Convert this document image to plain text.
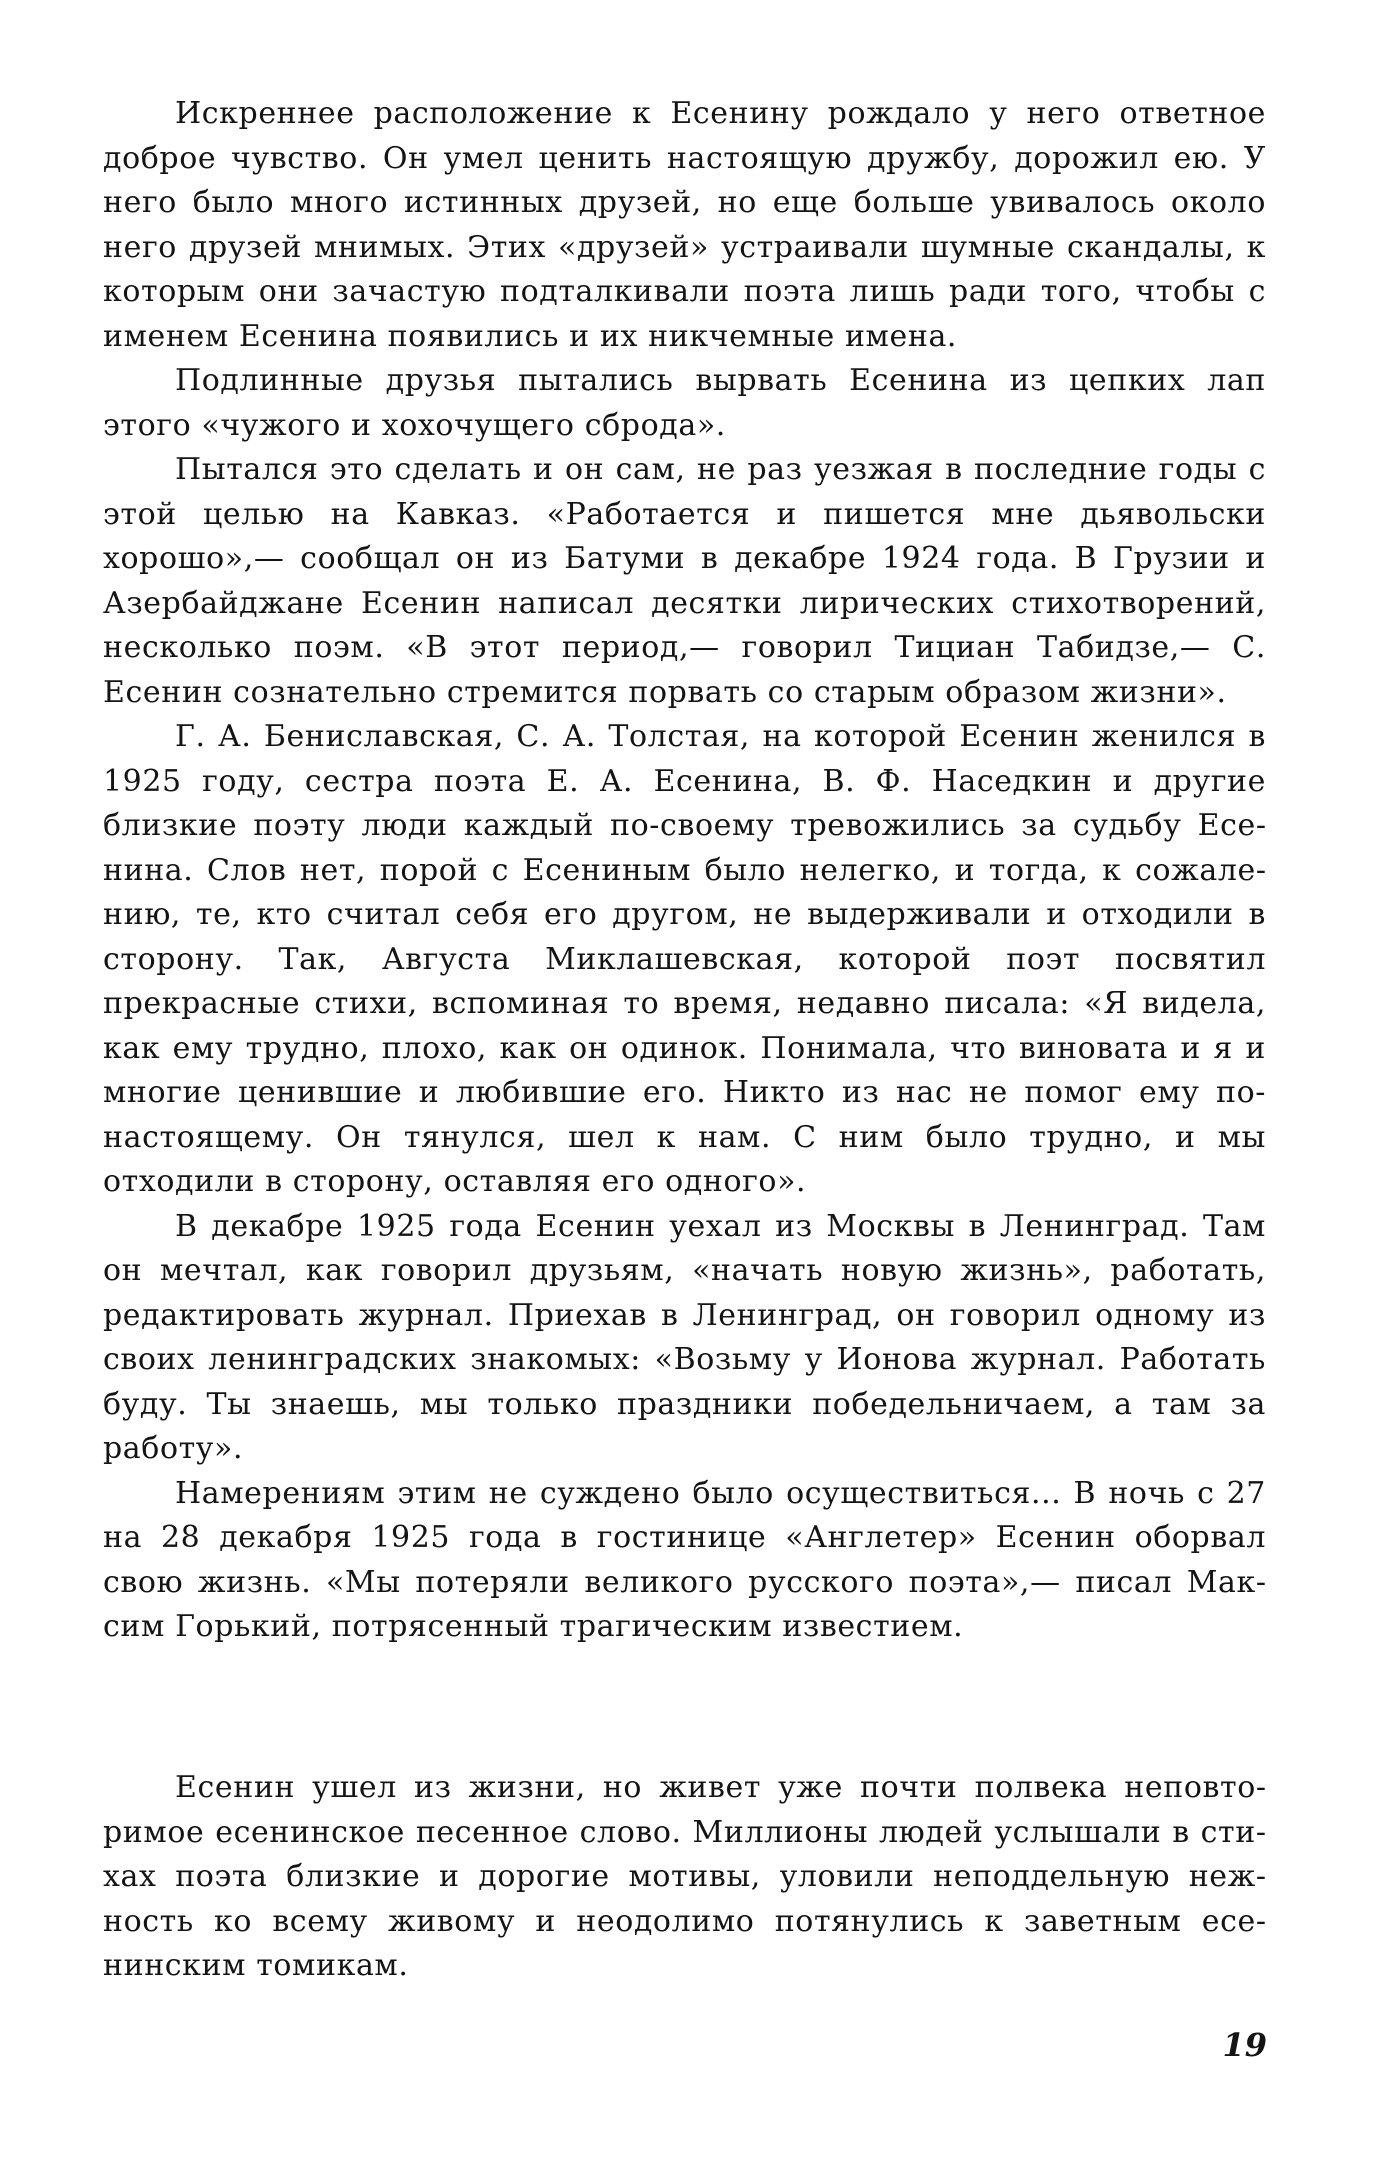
Искреннее расположение к Есенину рождало у него ответное доброе чувство. Он умел ценить настоящую дружбу, дорожил ею. У него было много истинных друзей, но еще больше увивалось около него друзей мнимых. Этих «друзей» устраивали шумные скандалы, к которым они зачастую подталкивали поэта лишь ради того, чтобы с именем Есенина появились и их никчемные имена.

Подлинные друзья пытались вырвать Есенина из цепких лап этого «чужого и хохочущего сброда».

Пытался это сделать и он сам, не раз уезжая в последние годы с этой целью на Кавказ. «Работается и пишется мне дьявольски хорошо»,— сообщал он из Батуми в декабре 1924 года. В Грузии и Азербайджане Есенин написал десятки лирических стихотворений, несколько поэм. «В этот период,— говорил Тициан Табидзе,— С. Есенин сознательно стремится порвать со старым образом жизни».

Г. А. Бениславская, С. А. Толстая, на которой Есенин женился в 1925 году, сестра поэта Е. А. Есенина, В. Ф. Наседкин и другие близкие поэту люди каждый по-своему тревожились за судьбу Есенина. Слов нет, порой с Есениным было нелегко, и тогда, к сожалению, те, кто считал себя его другом, не выдерживали и отходили в сторону. Так, Августа Миклашевская, которой поэт посвятил прекрасные стихи, вспоминая то время, недавно писала: «Я видела, как ему трудно, плохо, как он одинок. Понимала, что виновата и я и многие ценившие и любившие его. Никто из нас не помог ему по-настоящему. Он тянулся, шел к нам. С ним было трудно, и мы отходили в сторону, оставляя его одного».

В декабре 1925 года Есенин уехал из Москвы в Ленинград. Там он мечтал, как говорил друзьям, «начать новую жизнь», работать, редактировать журнал. Приехав в Ленинград, он говорил одному из своих ленинградских знакомых: «Возьму у Ионова журнал. Работать буду. Ты знаешь, мы только праздники победельничаем, а там за работу».

Намерениям этим не суждено было осуществиться... В ночь с 27 на 28 декабря 1925 года в гостинице «Англетер» Есенин оборвал свою жизнь. «Мы потеряли великого русского поэта»,— писал Максим Горький, потрясенный трагическим известием.

Есенин ушел из жизни, но живет уже почти полвека неповторимое есенинское песенное слово. Миллионы людей услышали в стихах поэта близкие и дорогие мотивы, уловили неподдельную нежность ко всему живому и неодолимо потянулись к заветным есенинским томикам.

19
